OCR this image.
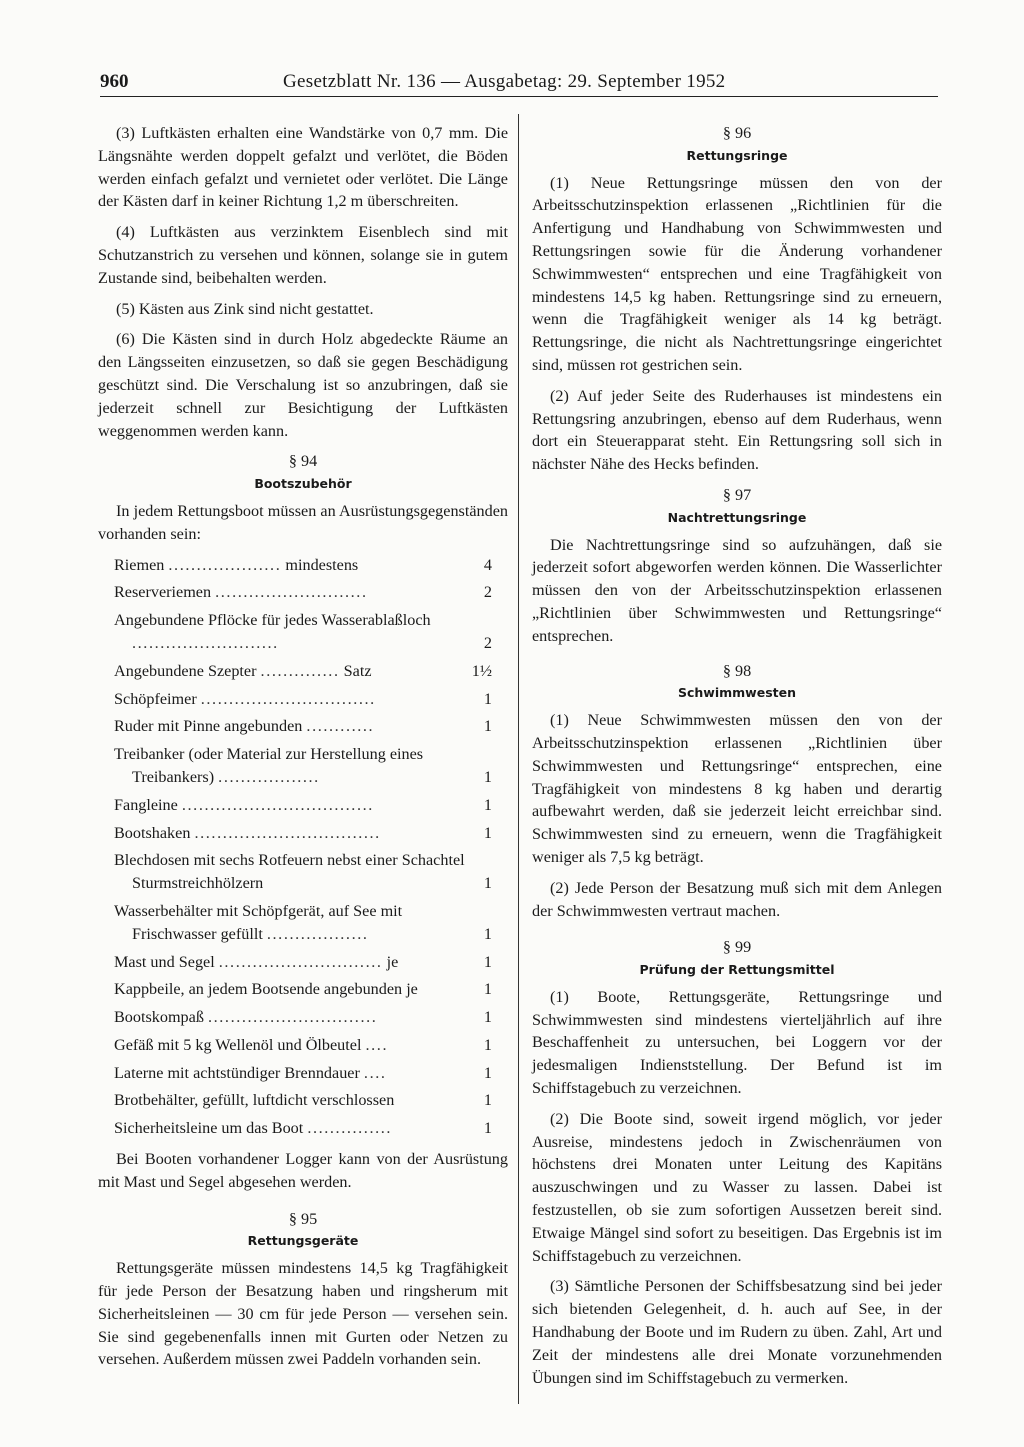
960	Gesetzblatt Nr. 136 — Ausgabetag: 29. September 1952

(3) Luftkästen erhalten eine Wandstärke von 0,7 mm. Die Längsnähte werden doppelt gefalzt und verlötet, die Böden werden einfach gefalzt und vernietet oder verlötet. Die Länge der Kästen darf in keiner Richtung 1,2 m überschreiten.

(4) Luftkästen aus verzinktem Eisenblech sind mit Schutzanstrich zu versehen und können, solange sie in gutem Zustande sind, beibehalten werden.

(5) Kästen aus Zink sind nicht gestattet.

(6) Die Kästen sind in durch Holz abgedeckte Räume an den Längsseiten einzusetzen, so daß sie gegen Beschädigung geschützt sind. Die Verschalung ist so anzubringen, daß sie jederzeit schnell zur Besichtigung der Luftkästen weggenommen werden kann.

§ 94
Bootszubehör

In jedem Rettungsboot müssen an Ausrüstungsgegenständen vorhanden sein:

Riemen .................... mindestens	4
Reserveriemen ...........................	2
Angebundene Pflöcke für jedes Wasserablaßloch ..........................	2
Angebundene Szepter .............. Satz	1½
Schöpfeimer ...............................	1
Ruder mit Pinne angebunden ............	1
Treibanker (oder Material zur Herstellung eines Treibankers) ..................	1
Fangleine ..................................	1
Bootshaken .................................	1
Blechdosen mit sechs Rotfeuern nebst einer Schachtel Sturmstreichhölzern	1
Wasserbehälter mit Schöpfgerät, auf See mit Frischwasser gefüllt ..................	1
Mast und Segel ............................. je	1
Kappbeile, an jedem Bootsende angebunden je	1
Bootskompaß ..............................	1
Gefäß mit 5 kg Wellenöl und Ölbeutel ....	1
Laterne mit achtstündiger Brenndauer ....	1
Brotbehälter, gefüllt, luftdicht verschlossen	1
Sicherheitsleine um das Boot ...............	1

Bei Booten vorhandener Logger kann von der Ausrüstung mit Mast und Segel abgesehen werden.

§ 95
Rettungsgeräte

Rettungsgeräte müssen mindestens 14,5 kg Tragfähigkeit für jede Person der Besatzung haben und ringsherum mit Sicherheitsleinen — 30 cm für jede Person — versehen sein. Sie sind gegebenenfalls innen mit Gurten oder Netzen zu versehen. Außerdem müssen zwei Paddeln vorhanden sein.

§ 96
Rettungsringe

(1) Neue Rettungsringe müssen den von der Arbeitsschutzinspektion erlassenen „Richtlinien für die Anfertigung und Handhabung von Schwimmwesten und Rettungsringen sowie für die Änderung vorhandener Schwimmwesten“ entsprechen und eine Tragfähigkeit von mindestens 14,5 kg haben. Rettungsringe sind zu erneuern, wenn die Tragfähigkeit weniger als 14 kg beträgt. Rettungsringe, die nicht als Nachtrettungsringe eingerichtet sind, müssen rot gestrichen sein.

(2) Auf jeder Seite des Ruderhauses ist mindestens ein Rettungsring anzubringen, ebenso auf dem Ruderhaus, wenn dort ein Steuerapparat steht. Ein Rettungsring soll sich in nächster Nähe des Hecks befinden.

§ 97
Nachtrettungsringe

Die Nachtrettungsringe sind so aufzuhängen, daß sie jederzeit sofort abgeworfen werden können. Die Wasserlichter müssen den von der Arbeitsschutzinspektion erlassenen „Richtlinien über Schwimmwesten und Rettungsringe“ entsprechen.

§ 98
Schwimmwesten

(1) Neue Schwimmwesten müssen den von der Arbeitsschutzinspektion erlassenen „Richtlinien über Schwimmwesten und Rettungsringe“ entsprechen, eine Tragfähigkeit von mindestens 8 kg haben und derartig aufbewahrt werden, daß sie jederzeit leicht erreichbar sind. Schwimmwesten sind zu erneuern, wenn die Tragfähigkeit weniger als 7,5 kg beträgt.

(2) Jede Person der Besatzung muß sich mit dem Anlegen der Schwimmwesten vertraut machen.

§ 99
Prüfung der Rettungsmittel

(1) Boote, Rettungsgeräte, Rettungsringe und Schwimmwesten sind mindestens vierteljährlich auf ihre Beschaffenheit zu untersuchen, bei Loggern vor der jedesmaligen Indienststellung. Der Befund ist im Schiffstagebuch zu verzeichnen.

(2) Die Boote sind, soweit irgend möglich, vor jeder Ausreise, mindestens jedoch in Zwischenräumen von höchstens drei Monaten unter Leitung des Kapitäns auszuschwingen und zu Wasser zu lassen. Dabei ist festzustellen, ob sie zum sofortigen Aussetzen bereit sind. Etwaige Mängel sind sofort zu beseitigen. Das Ergebnis ist im Schiffstagebuch zu verzeichnen.

(3) Sämtliche Personen der Schiffsbesatzung sind bei jeder sich bietenden Gelegenheit, d. h. auch auf See, in der Handhabung der Boote und im Rudern zu üben. Zahl, Art und Zeit der mindestens alle drei Monate vorzunehmenden Übungen sind im Schiffstagebuch zu vermerken.
